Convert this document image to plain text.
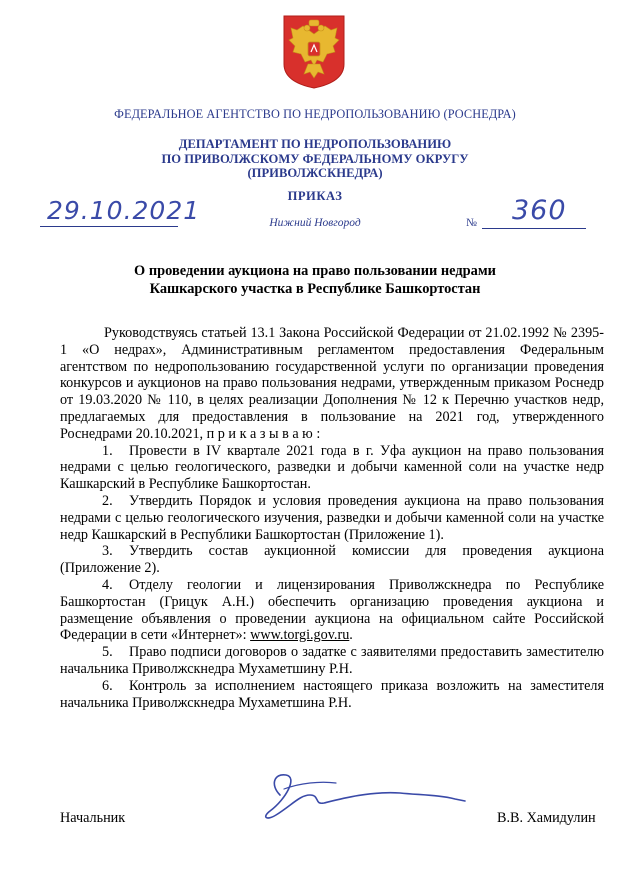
ФЕДЕРАЛЬНОЕ АГЕНТСТВО ПО НЕДРОПОЛЬЗОВАНИЮ (РОСНЕДРА)
ДЕПАРТАМЕНТ ПО НЕДРОПОЛЬЗОВАНИЮ
ПО ПРИВОЛЖСКОМУ ФЕДЕРАЛЬНОМУ ОКРУГУ
(ПРИВОЛЖСКНЕДРА)
ПРИКАЗ
29.10.2021	Нижний Новгород	№ 360
О проведении аукциона на право пользовании недрами
Кашкарского участка в Республике Башкортостан

Руководствуясь статьей 13.1 Закона Российской Федерации от 21.02.1992 № 2395-1 «О недрах», Административным регламентом предоставления Федеральным агентством по недропользованию государственной услуги по организации проведения конкурсов и аукционов на право пользования недрами, утвержденным приказом Роснедр от 19.03.2020 № 110, в целях реализации Дополнения № 12 к Перечню участков недр, предлагаемых для предоставления в пользование на 2021 год, утвержденного Роснедрами 20.10.2021, п р и к а з ы в а ю :

1. Провести в IV квартале 2021 года в г. Уфа аукцион на право пользования недрами с целью геологического, разведки и добычи каменной соли на участке недр Кашкарский в Республике Башкортостан.

2. Утвердить Порядок и условия проведения аукциона на право пользования недрами с целью геологического изучения, разведки и добычи каменной соли на участке недр Кашкарский в Республики Башкортостан (Приложение 1).

3. Утвердить состав аукционной комиссии для проведения аукциона (Приложение 2).

4. Отделу геологии и лицензирования Приволжскнедра по Республике Башкортостан (Грицук А.Н.) обеспечить организацию проведения аукциона и размещение объявления о проведении аукциона на официальном сайте Российской Федерации в сети «Интернет»: www.torgi.gov.ru.

5. Право подписи договоров о задатке с заявителями предоставить заместителю начальника Приволжскнедра Мухаметшину Р.Н.

6. Контроль за исполнением настоящего приказа возложить на заместителя начальника Приволжскнедра Мухаметшина Р.Н.

Начальник	В.В. Хамидулин
